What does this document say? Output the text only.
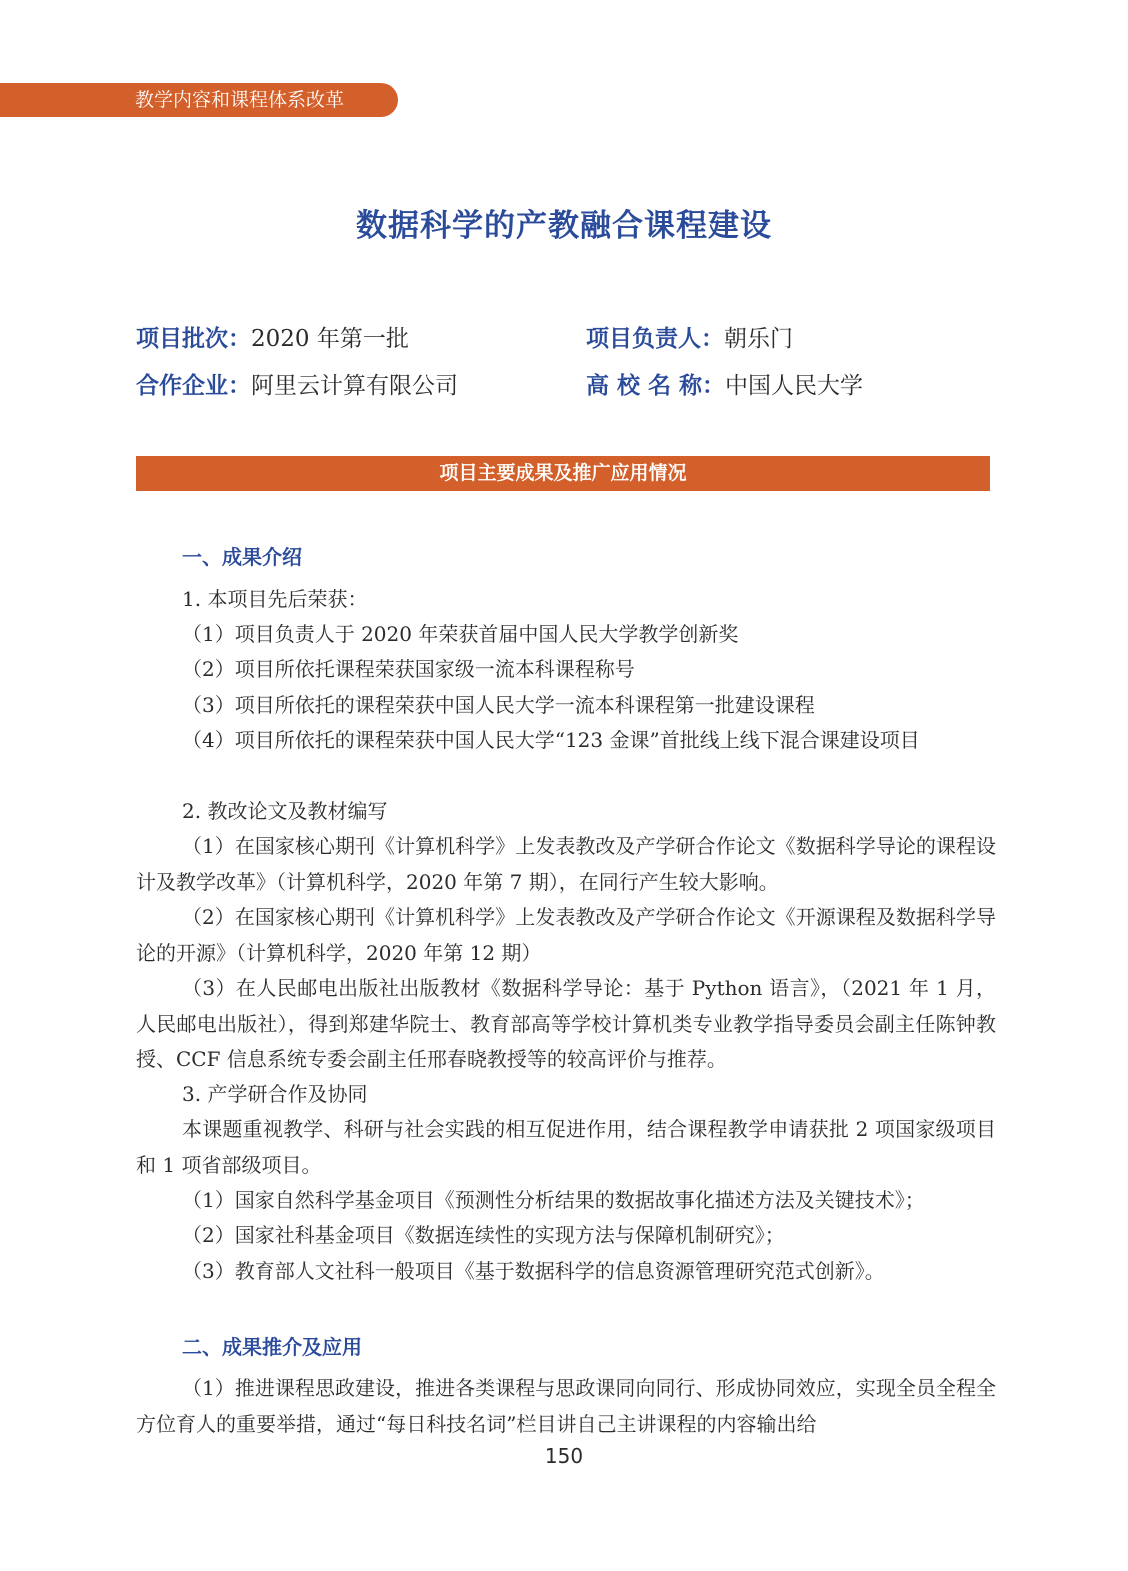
教学内容和课程体系改革
数据科学的产教融合课程建设
项目批次：2020 年第一批	项目负责人：朝乐门
合作企业：阿里云计算有限公司	高 校 名 称：中国人民大学
项目主要成果及推广应用情况
一、成果介绍
1. 本项目先后荣获：
（1）项目负责人于 2020 年荣获首届中国人民大学教学创新奖
（2）项目所依托课程荣获国家级一流本科课程称号
（3）项目所依托的课程荣获中国人民大学一流本科课程第一批建设课程
（4）项目所依托的课程荣获中国人民大学“123 金课”首批线上线下混合课建设项目
2. 教改论文及教材编写
（1）在国家核心期刊《计算机科学》上发表教改及产学研合作论文《数据科学导论的课程设计及教学改革》（计算机科学，2020 年第 7 期），在同行产生较大影响。
（2）在国家核心期刊《计算机科学》上发表教改及产学研合作论文《开源课程及数据科学导论的开源》（计算机科学，2020 年第 12 期）
（3）在人民邮电出版社出版教材《数据科学导论：基于 Python 语言》，（2021 年 1 月，人民邮电出版社），得到郑建华院士、教育部高等学校计算机类专业教学指导委员会副主任陈钟教授、CCF 信息系统专委会副主任邢春晓教授等的较高评价与推荐。
3. 产学研合作及协同
本课题重视教学、科研与社会实践的相互促进作用，结合课程教学申请获批 2 项国家级项目和 1 项省部级项目。
（1）国家自然科学基金项目《预测性分析结果的数据故事化描述方法及关键技术》；
（2）国家社科基金项目《数据连续性的实现方法与保障机制研究》；
（3）教育部人文社科一般项目《基于数据科学的信息资源管理研究范式创新》。
二、成果推介及应用
（1）推进课程思政建设，推进各类课程与思政课同向同行、形成协同效应，实现全员全程全方位育人的重要举措，通过“每日科技名词”栏目讲自己主讲课程的内容输出给
150
